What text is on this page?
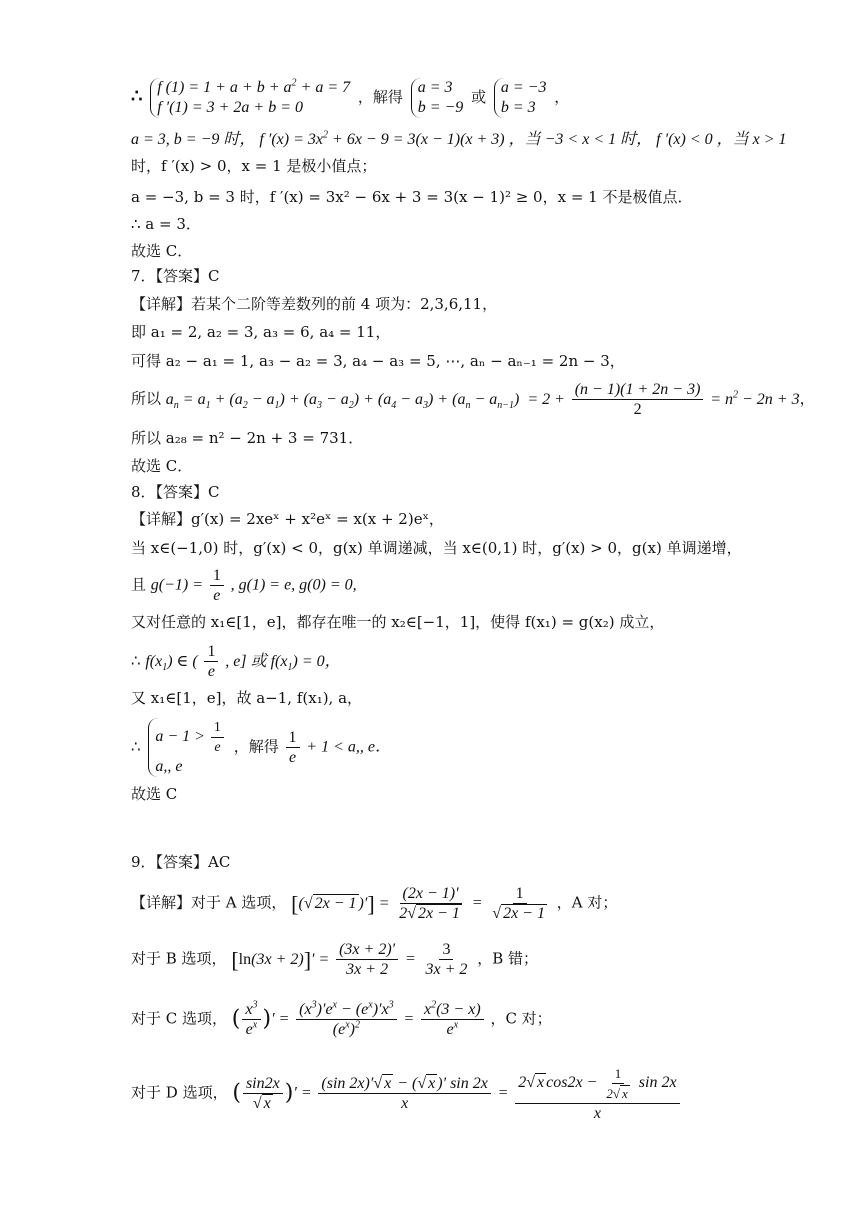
∴ f $(1) = 1 + a + b + a^2 + a = 7$
f ′(1) = 3 + 2a + b = 0
，解得
a = 3
b = −9
或
a = −3
b = 3
，
a = 3, b = −9 时， f $'(x) = 3x^2 + 6x - 9 = 3(x - 1)(x + 3)$ ，当 −3 < x < 1 时， f ′(x) < 0 ，当 x > 1
时，f ′(x) > 0，x = 1 是极小值点；
a = −3, b = 3 时，f ′(x) = 3x² − 6x + 3 = 3(x − 1)² ≥ 0，x = 1 不是极值点．
∴ a = 3．
故选 C．
7．【答案】C
【详解】若某个二阶等差数列的前 4 项为：2,3,6,11，
即 a₁ = 2, a₂ = 3, a₃ = 6, a₄ = 11，
可得 a₂ − a₁ = 1, a₃ − a₂ = 3, a₄ − a₃ = 5, ⋯, aₙ − aₙ₋₁ = 2n − 3，
所以 $a_n = a_1 + (a_2 - a_1) + (a_3 - a_2) + (a_4 - a_3) + (a_n - a_{n-1}) = 2 + \frac{(n - 1)(1 + 2n - 3)}{2} = n^2 - 2n + 3$，
所以 a₂₈ = n² − 2n + 3 = 731．
故选 C．
8．【答案】C
【详解】g′(x) = 2xeˣ + x²eˣ = x(x + 2)eˣ，
当 x∈(−1,0) 时，g′(x) < 0，g(x) 单调递减，当 x∈(0,1) 时，g′(x) > 0，g(x) 单调递增，
且 $g(-1) = \frac{1}{e}$ , g(1) = e, g(0) = 0,
又对任意的 x₁∈[1，e]，都存在唯一的 x₂∈[−1，1]，使得 f(x₁) = g(x₂) 成立，
∴ $f(x_1)$ ∈ ( $\frac{1}{e}$ , e] 或 $f(x_1) = 0$，
又 x₁∈[1，e]，故 a−1, f(x₁), a，
∴
$a - 1 > \frac{1}{e}$
a,, e
，解得 $\frac{1}{e} + 1 < a$,, e．
故选 C
9．【答案】AC
【详解】对于 A 选项， [(√ 2x − 1 )′] = $\frac{(2x - 1)'}{2√ 2x - 1} = \frac{1}{√ 2x - 1}$ ，A 对；
对于 B 选项， $[\ln(3x + 2)]' = \frac{(3x + 2)'}{3x + 2} = \frac{3}{3x + 2}$ ，B 错；
对于 C 选项， ( $\frac{x^3}{e^x}$ )′ = $\frac{(x^3)'e^x - (e^x)'x^3}{(e^x)^2} = \frac{x^2(3 - x)}{e^x}$ ，C 对；
对于 D 选项， ( $\frac{\sin 2x}{√ x}$ )′ = $\frac{(\sin 2x)'√ x - (√ x )' \sin 2x}{x} = \frac{2√ x \cos 2x - \frac{1}{2√ x} \sin 2x}{x}$
